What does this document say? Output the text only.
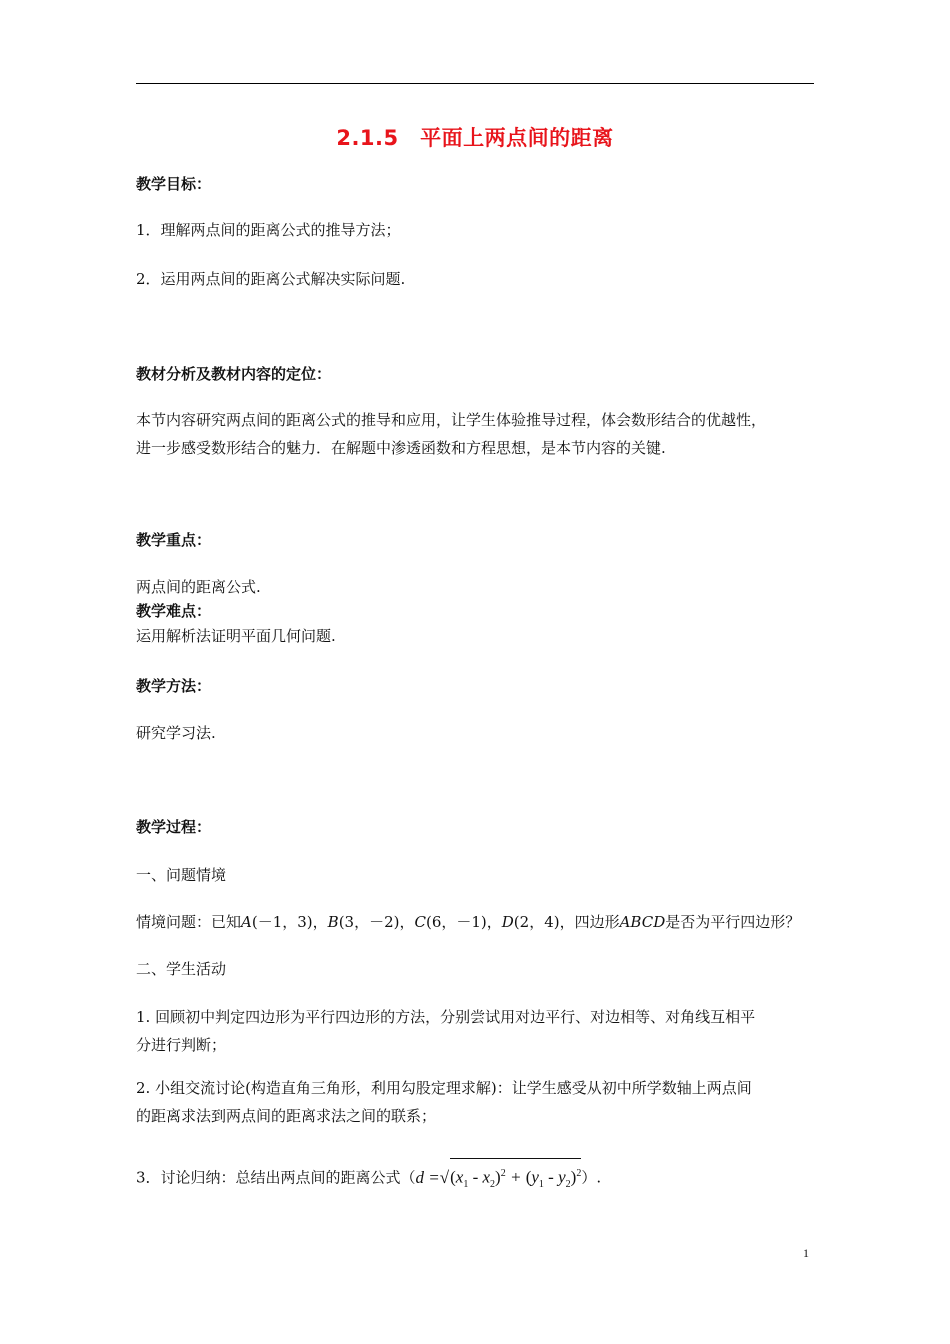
2.1.5　平面上两点间的距离
教学目标：
1．理解两点间的距离公式的推导方法；
2．运用两点间的距离公式解决实际问题.
教材分析及教材内容的定位：
本节内容研究两点间的距离公式的推导和应用，让学生体验推导过程，体会数形结合的优越性，
进一步感受数形结合的魅力．在解题中渗透函数和方程思想，是本节内容的关键.
教学重点：
两点间的距离公式.
教学难点：
运用解析法证明平面几何问题.
教学方法：
研究学习法.
教学过程：
一、问题情境
情境问题：已知A(－1，3)，B(3，－2)，C(6，－1)，D(2，4)，四边形ABCD是否为平行四边形？
二、学生活动
1. 回顾初中判定四边形为平行四边形的方法，分别尝试用对边平行、对边相等、对角线互相平
分进行判断；
2. 小组交流讨论(构造直角三角形，利用勾股定理求解)：让学生感受从初中所学数轴上两点间
的距离求法到两点间的距离求法之间的联系；
3．讨论归纳：总结出两点间的距离公式$(d =√(x_1 - x_2)^2 + (y_1 - y_2)^2)$.
1
